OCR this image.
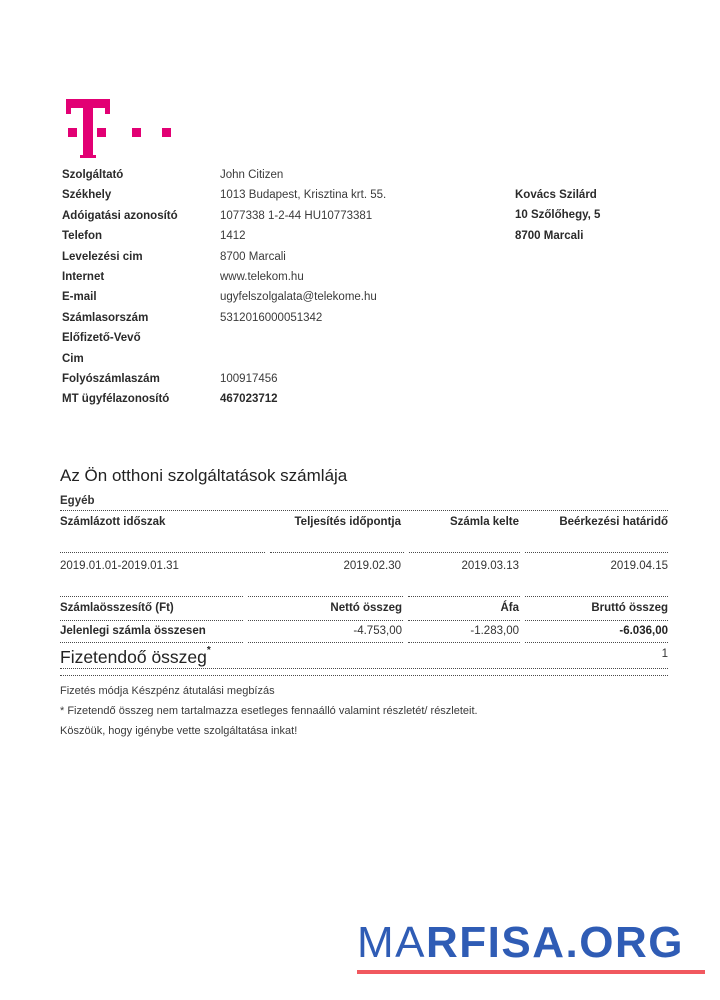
Szolgáltató	John Citizen
Székhely	1013 Budapest, Krisztina krt. 55.
Adóigatási azonosító	1077338 1-2-44 HU10773381
Telefon	1412
Levelezési cim	8700 Marcali
Internet	www.telekom.hu
E-mail	ugyfelszolgalata@telekome.hu
Számlasorszám	5312016000051342
Előfizető-Vevő
Cim
Folyószámlaszám	100917456
MT ügyfélazonosító	467023712
Kovács Szilárd
10 Szőlőhegy, 5
8700 Marcali
Az Ön otthoni szolgáltatások számlája
Egyéb
Számlázott időszak	Teljesítés időpontja	Számla kelte	Beérkezési határidő
2019.01.01-2019.01.31	2019.02.30	2019.03.13	2019.04.15
Számlaösszesítő (Ft)	Nettó összeg	Áfa	Bruttó összeg
Jelenlegi számla összesen	-4.753,00	-1.283,00	-6.036,00
Fizetendoő összeg*	1
Fizetés módja Készpénz átutalási megbízás
* Fizetendő összeg nem tartalmazza esetleges fennaálló valamint részletét/ részleteit.
Köszöük, hogy igénybe vette szolgáltatása inkat!
MARFISA.ORG
